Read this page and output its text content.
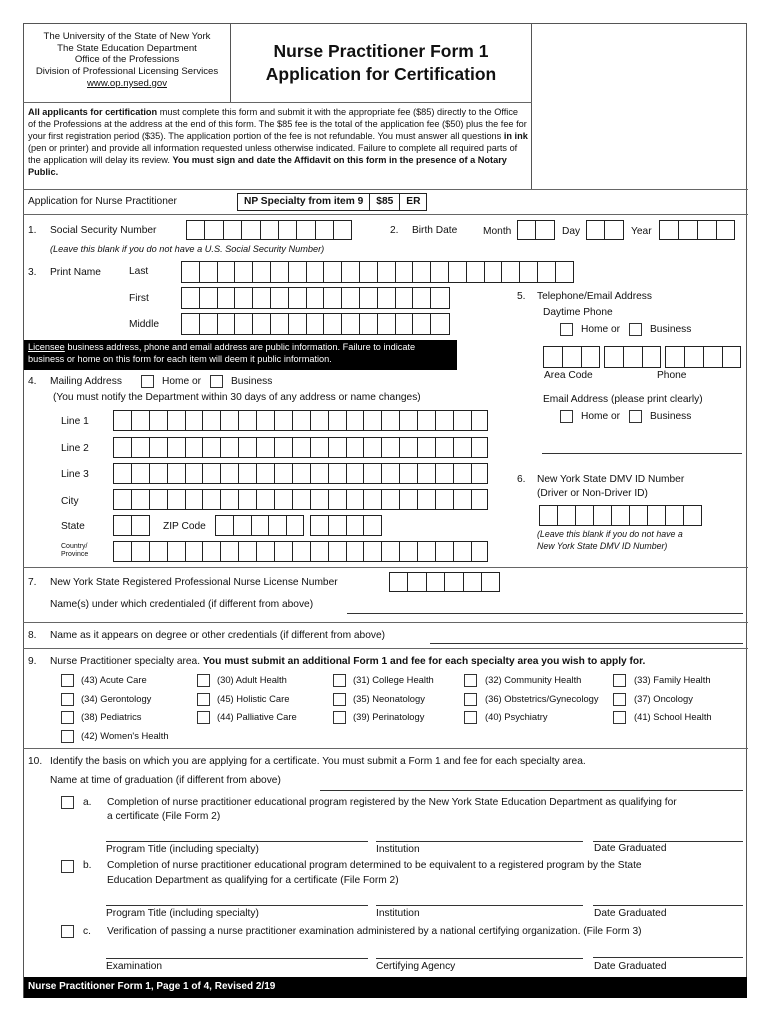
The University of the State of New York
The State Education Department
Office of the Professions
Division of Professional Licensing Services
www.op.nysed.gov
Nurse Practitioner Form 1
Application for Certification
All applicants for certification must complete this form and submit it with the appropriate fee ($85) directly to the Office of the Professions at the address at the end of this form. The $85 fee is the total of the application fee ($50) plus the fee for your first registration period ($35). The application portion of the fee is not refundable. You must answer all questions in ink (pen or printer) and provide all information requested unless otherwise indicated. Failure to complete all required parts of the application will delay its review. You must sign and date the Affidavit on this form in the presence of a Notary Public.
Application for Nurse Practitioner	NP Specialty from item 9	$85	ER
1. Social Security Number
(Leave this blank if you do not have a U.S. Social Security Number)
2. Birth Date	Month	Day	Year
3. Print Name	Last
First
Middle
Licensee business address, phone and email address are public information. Failure to indicate business or home on this form for each item will deem it public information.
4. Mailing Address	Home or	Business
(You must notify the Department within 30 days of any address or name changes)
Line 1
Line 2
Line 3
City
State	ZIP Code
Country/
Province
5. Telephone/Email Address
Daytime Phone
Home or	Business
Area Code	Phone
Email Address (please print clearly)
Home or	Business
6. New York State DMV ID Number
(Driver or Non-Driver ID)
(Leave this blank if you do not have a
New York State DMV ID Number)
7. New York State Registered Professional Nurse License Number
Name(s) under which credentialed (if different from above)
8. Name as it appears on degree or other credentials (if different from above)
9. Nurse Practitioner specialty area. You must submit an additional Form 1 and fee for each specialty area you wish to apply for.
(43) Acute Care	(30) Adult Health	(31) College Health	(32) Community Health	(33) Family Health
(34) Gerontology	(45) Holistic Care	(35) Neonatology	(36) Obstetrics/Gynecology	(37) Oncology
(38) Pediatrics	(44) Palliative Care	(39) Perinatology	(40) Psychiatry	(41) School Health
(42) Women's Health
10. Identify the basis on which you are applying for a certificate. You must submit a Form 1 and fee for each specialty area.
Name at time of graduation (if different from above)
a. Completion of nurse practitioner educational program registered by the New York State Education Department as qualifying for
a certificate (File Form 2)
Program Title (including specialty)	Institution	Date Graduated
b. Completion of nurse practitioner educational program determined to be equivalent to a registered program by the State
Education Department as qualifying for a certificate (File Form 2)
Program Title (including specialty)	Institution	Date Graduated
c. Verification of passing a nurse practitioner examination administered by a national certifying organization. (File Form 3)
Examination	Certifying Agency	Date Graduated
Nurse Practitioner Form 1, Page 1 of 4, Revised 2/19
